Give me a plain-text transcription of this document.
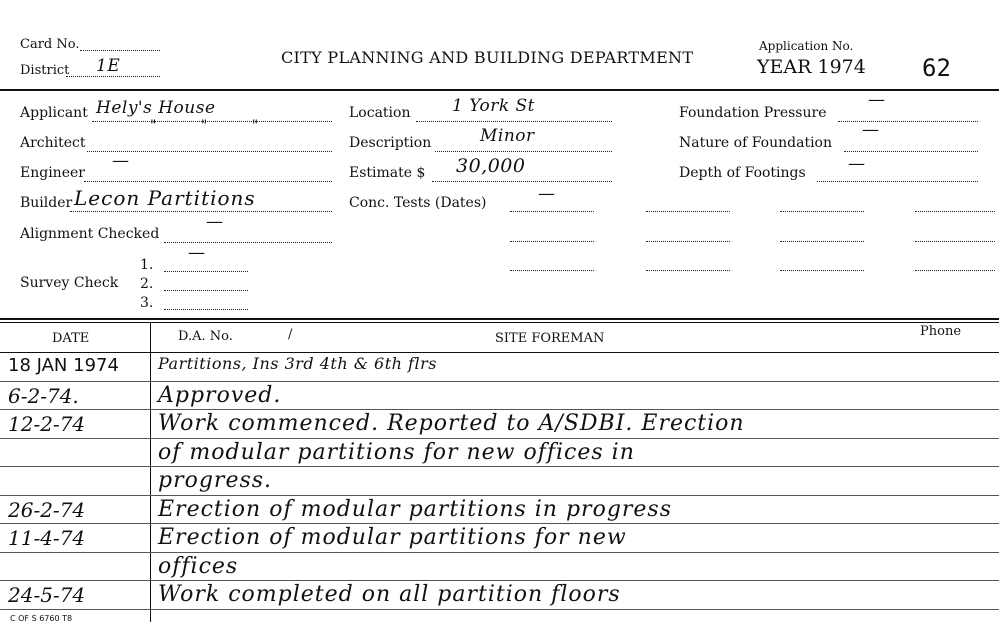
Card No.
District 1E	CITY PLANNING AND BUILDING DEPARTMENT
Application No.
YEAR 1974 62
Applicant Hely's House
Architect
" " "
Engineer
—
Builder Lecon Partitions
Alignment Checked
—
Survey Check
1.
2.
3.
—
Location 1 York St
Description	Minor
Estimate $ 30,000
Conc. Tests (Dates)	—
Foundation Pressure
—
Nature of Foundation
—
Depth of Footings —
DATE	D.A. No.	/	SITE FOREMAN	Phone
18 JAN 1974 Partitions, Ins 3rd 4th & 6th flrs
6-2-74.	Approved.
12-2-74	Work commenced. Reported to A/SDBI. Erection
of modular partitions for new offices in
progress.
26-2-74	Erection of modular partitions in progress
11-4-74	Erection of modular partitions for new
offices
24-5-74	Work completed on all partition floors
C OF S 6760 T8
